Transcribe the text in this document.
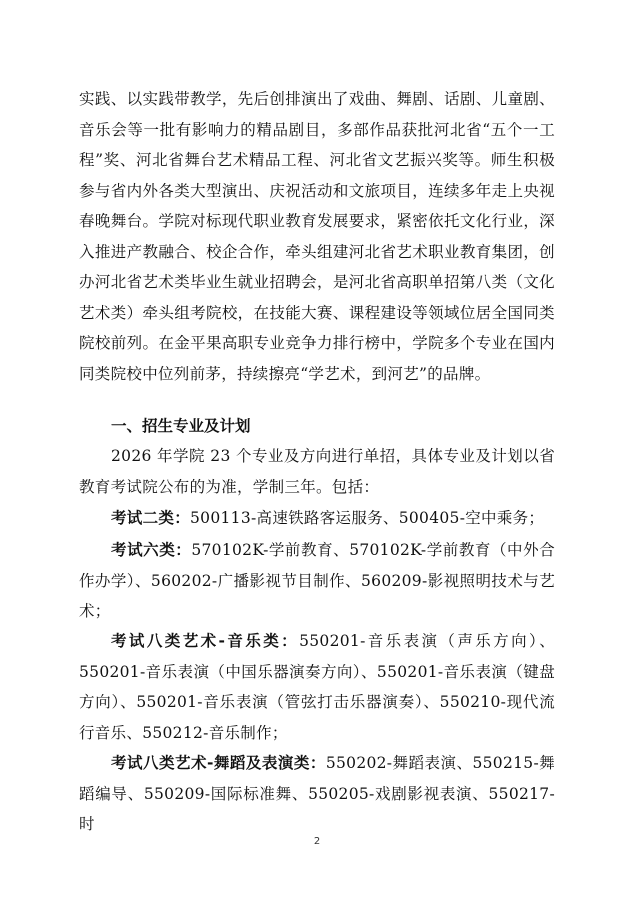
实践、以实践带教学，先后创排演出了戏曲、舞剧、话剧、儿童剧、音乐会等一批有影响力的精品剧目，多部作品获批河北省“五个一工程”奖、河北省舞台艺术精品工程、河北省文艺振兴奖等。师生积极参与省内外各类大型演出、庆祝活动和文旅项目，连续多年走上央视春晚舞台。学院对标现代职业教育发展要求，紧密依托文化行业，深入推进产教融合、校企合作，牵头组建河北省艺术职业教育集团，创办河北省艺术类毕业生就业招聘会，是河北省高职单招第八类（文化艺术类）牵头组考院校，在技能大赛、课程建设等领域位居全国同类院校前列。在金平果高职专业竞争力排行榜中，学院多个专业在国内同类院校中位列前茅，持续擦亮“学艺术，到河艺”的品牌。

一、招生专业及计划

2026 年学院 23 个专业及方向进行单招，具体专业及计划以省教育考试院公布的为准，学制三年。包括：

考试二类：500113-高速铁路客运服务、500405-空中乘务；

考试六类：570102K-学前教育、570102K-学前教育（中外合作办学）、560202-广播影视节目制作、560209-影视照明技术与艺术；

考试八类艺术-音乐类：550201-音乐表演（声乐方向）、550201-音乐表演（中国乐器演奏方向）、550201-音乐表演（键盘方向）、550201-音乐表演（管弦打击乐器演奏）、550210-现代流行音乐、550212-音乐制作；

考试八类艺术-舞蹈及表演类：550202-舞蹈表演、550215-舞蹈编导、550209-国际标准舞、550205-戏剧影视表演、550217-时

2
